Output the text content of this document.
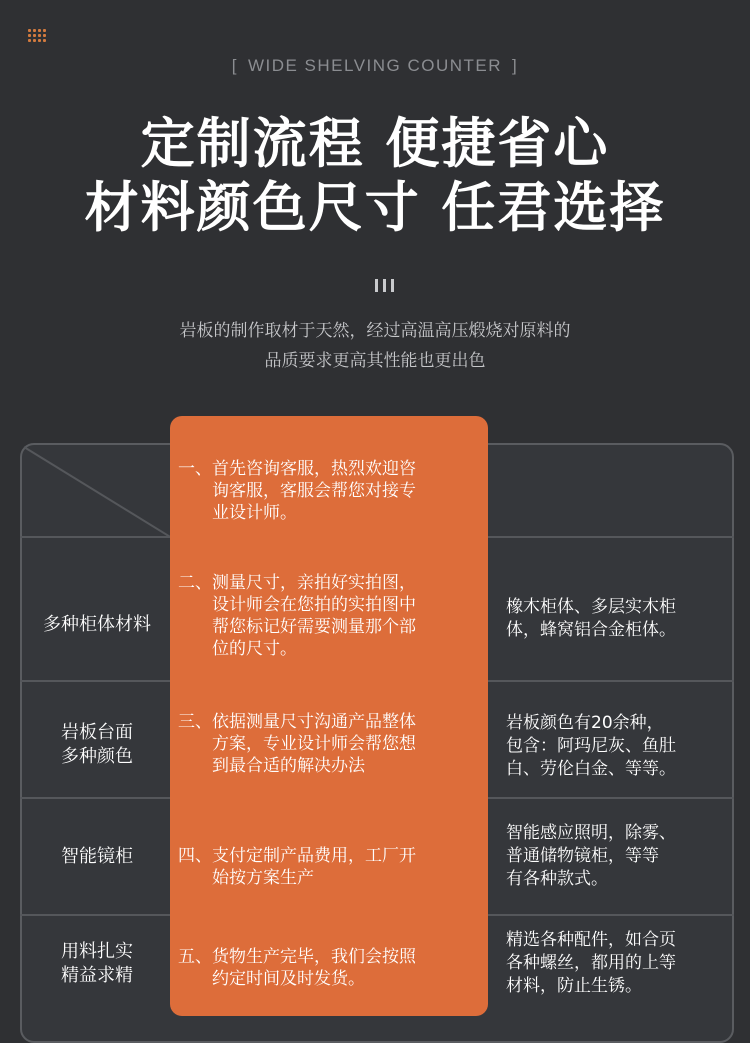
[ WIDE SHELVING COUNTER ]
定制流程 便捷省心
材料颜色尺寸 任君选择
岩板的制作取材于天然，经过高温高压煅烧对原料的
品质要求更高其性能也更出色
一、 首先咨询客服，热烈欢迎咨
询客服，客服会帮您对接专
业设计师。
多种柜体材料
二、 测量尺寸，亲拍好实拍图，
设计师会在您拍的实拍图中
帮您标记好需要测量那个部
位的尺寸。
橡木柜体、多层实木柜
体，蜂窝铝合金柜体。
岩板台面
多种颜色
三、 依据测量尺寸沟通产品整体
方案，专业设计师会帮您想
到最合适的解决办法
岩板颜色有20余种，
包含：阿玛尼灰、鱼肚
白、劳伦白金、等等。
智能镜柜	四、 支付定制产品费用，工厂开
始按方案生产
智能感应照明，除雾、
普通储物镜柜，等等
有各种款式。
用料扎实
精益求精
五、 货物生产完毕，我们会按照
约定时间及时发货。
精选各种配件，如合页
各种螺丝，都用的上等
材料，防止生锈。
